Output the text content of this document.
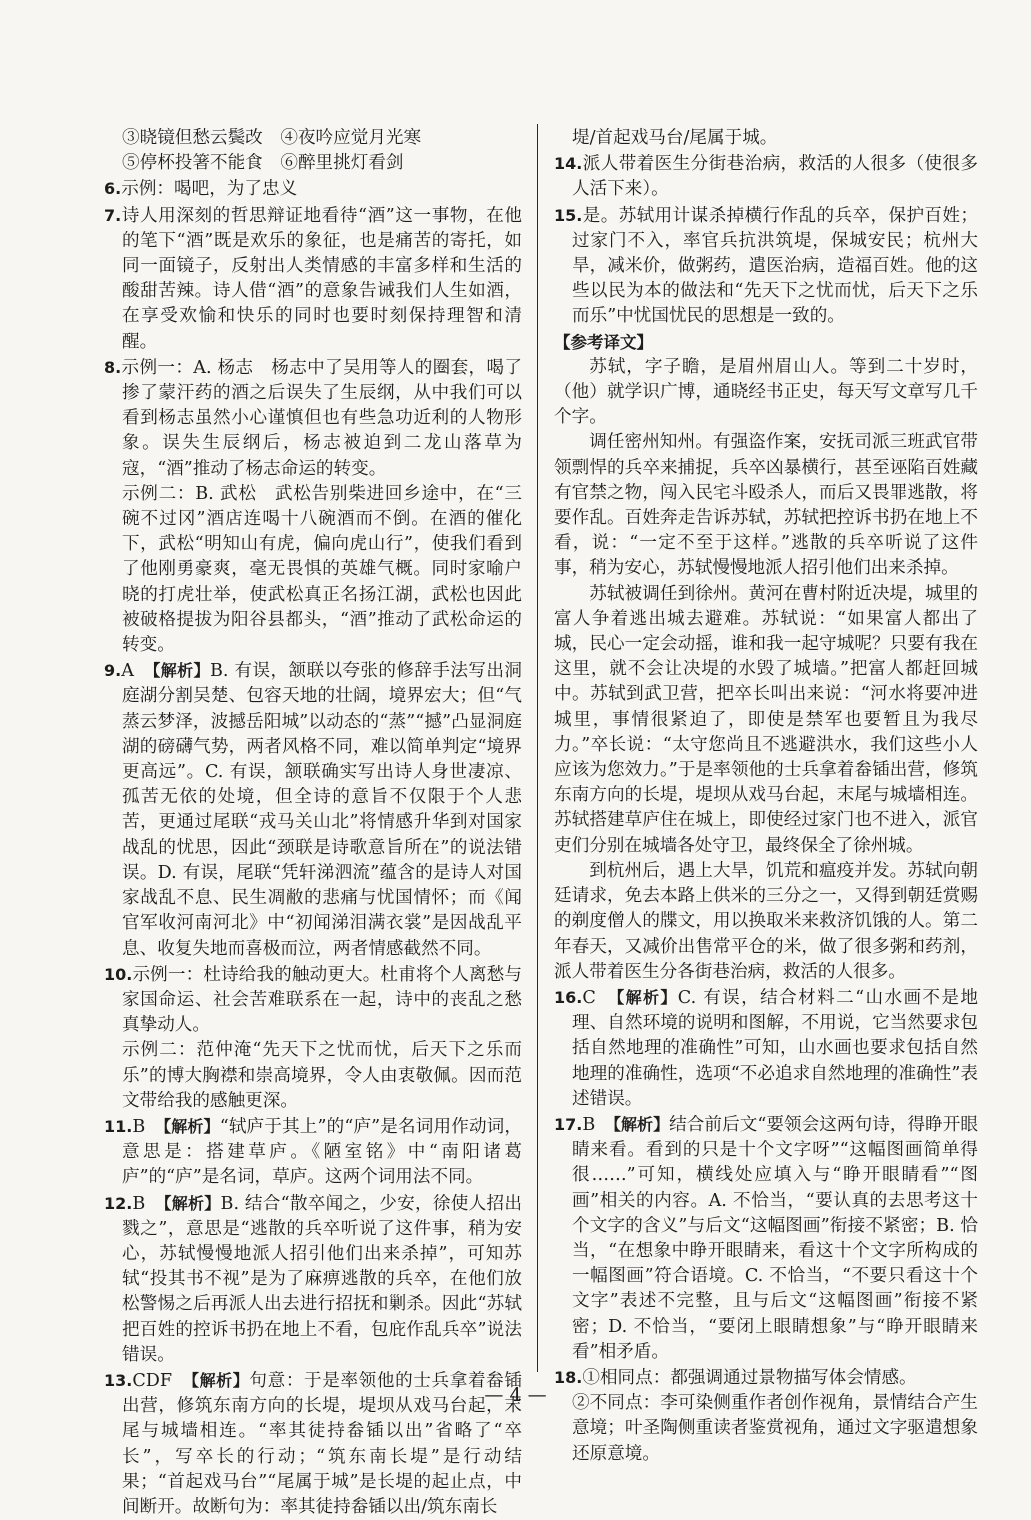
③晓镜但愁云鬓改　④夜吟应觉月光寒
⑤停杯投箸不能食　⑥醉里挑灯看剑

6.示例：喝吧，为了忠义

7.诗人用深刻的哲思辩证地看待“酒”这一事物，在他的笔下“酒”既是欢乐的象征，也是痛苦的寄托，如同一面镜子，反射出人类情感的丰富多样和生活的酸甜苦辣。诗人借“酒”的意象告诫我们人生如酒，在享受欢愉和快乐的同时也要时刻保持理智和清醒。

8.示例一：A. 杨志　杨志中了吴用等人的圈套，喝了掺了蒙汗药的酒之后误失了生辰纲，从中我们可以看到杨志虽然小心谨慎但也有些急功近利的人物形象。误失生辰纲后，杨志被迫到二龙山落草为寇，“酒”推动了杨志命运的转变。

示例二：B. 武松　武松告别柴进回乡途中，在“三碗不过冈”酒店连喝十八碗酒而不倒。在酒的催化下，武松“明知山有虎，偏向虎山行”，使我们看到了他刚勇豪爽，毫无畏惧的英雄气概。同时家喻户晓的打虎壮举，使武松真正名扬江湖，武松也因此被破格提拔为阳谷县都头，“酒”推动了武松命运的转变。

9.A　 【解析】B. 有误，颔联以夸张的修辞手法写出洞庭湖分割吴楚、包容天地的壮阔，境界宏大；但“气蒸云梦泽，波撼岳阳城”以动态的“蒸”“撼”凸显洞庭湖的磅礴气势，两者风格不同，难以简单判定“境界更高远”。C. 有误，颔联确实写出诗人身世凄凉、孤苦无依的处境，但全诗的意旨不仅限于个人悲苦，更通过尾联“戎马关山北”将情感升华到对国家战乱的忧思，因此“颈联是诗歌意旨所在”的说法错误。D. 有误，尾联“凭轩涕泗流”蕴含的是诗人对国家战乱不息、民生凋敝的悲痛与忧国情怀；而《闻官军收河南河北》中“初闻涕泪满衣裳”是因战乱平息、收复失地而喜极而泣，两者情感截然不同。

10.示例一：杜诗给我的触动更大。杜甫将个人离愁与家国命运、社会苦难联系在一起，诗中的丧乱之愁真挚动人。

示例二：范仲淹“先天下之忧而忧，后天下之乐而乐”的博大胸襟和崇高境界，令人由衷敬佩。因而范文带给我的感触更深。

11.B　 【解析】“轼庐于其上”的“庐”是名词用作动词，意思是：搭建草庐。《陋室铭》中“南阳诸葛庐”的“庐”是名词，草庐。这两个词用法不同。

12.B　 【解析】B. 结合“散卒闻之，少安，徐使人招出戮之”，意思是“逃散的兵卒听说了这件事，稍为安心，苏轼慢慢地派人招引他们出来杀掉”，可知苏轼“投其书不视”是为了麻痹逃散的兵卒，在他们放松警惕之后再派人出去进行招抚和剿杀。因此“苏轼把百姓的控诉书扔在地上不看，包庇作乱兵卒”说法错误。

13.CDF　 【解析】句意：于是率领他的士兵拿着畚锸出营，修筑东南方向的长堤，堤坝从戏马台起，末尾与城墙相连。“率其徒持畚锸以出”省略了“卒长”，写卒长的行动；“筑东南长堤”是行动结果；“首起戏马台”“尾属于城”是长堤的起止点，中间断开。故断句为：率其徒持畚锸以出/筑东南长

堤/首起戏马台/尾属于城。

14.派人带着医生分街巷治病，救活的人很多（使很多人活下来）。

15.是。苏轼用计谋杀掉横行作乱的兵卒，保护百姓；过家门不入，率官兵抗洪筑堤，保城安民；杭州大旱，减米价，做粥药，遣医治病，造福百姓。他的这些以民为本的做法和“先天下之忧而忧，后天下之乐而乐”中忧国忧民的思想是一致的。

【参考译文】

苏轼，字子瞻，是眉州眉山人。等到二十岁时，（他）就学识广博，通晓经书正史，每天写文章写几千个字。

调任密州知州。有强盗作案，安抚司派三班武官带领剽悍的兵卒来捕捉，兵卒凶暴横行，甚至诬陷百姓藏有官禁之物，闯入民宅斗殴杀人，而后又畏罪逃散，将要作乱。百姓奔走告诉苏轼，苏轼把控诉书扔在地上不看，说：“一定不至于这样。”逃散的兵卒听说了这件事，稍为安心，苏轼慢慢地派人招引他们出来杀掉。

苏轼被调任到徐州。黄河在曹村附近决堤，城里的富人争着逃出城去避难。苏轼说：“如果富人都出了城，民心一定会动摇，谁和我一起守城呢？只要有我在这里，就不会让决堤的水毁了城墙。”把富人都赶回城中。苏轼到武卫营，把卒长叫出来说：“河水将要冲进城里，事情很紧迫了，即使是禁军也要暂且为我尽力。”卒长说：“太守您尚且不逃避洪水，我们这些小人应该为您效力。”于是率领他的士兵拿着畚锸出营，修筑东南方向的长堤，堤坝从戏马台起，末尾与城墙相连。苏轼搭建草庐住在城上，即使经过家门也不进入，派官吏们分别在城墙各处守卫，最终保全了徐州城。

到杭州后，遇上大旱，饥荒和瘟疫并发。苏轼向朝廷请求，免去本路上供米的三分之一，又得到朝廷赏赐的剃度僧人的牒文，用以换取米来救济饥饿的人。第二年春天，又减价出售常平仓的米，做了很多粥和药剂，派人带着医生分各街巷治病，救活的人很多。

16.C　 【解析】C. 有误，结合材料二“山水画不是地理、自然环境的说明和图解，不用说，它当然要求包括自然地理的准确性”可知，山水画也要求包括自然地理的准确性，选项“不必追求自然地理的准确性”表述错误。

17.B　 【解析】结合前后文“要领会这两句诗，得睁开眼睛来看。看到的只是十个文字呀”“这幅图画简单得很……”可知，横线处应填入与“睁开眼睛看”“图画”相关的内容。A. 不恰当，“要认真的去思考这十个文字的含义”与后文“这幅图画”衔接不紧密；B. 恰当，“在想象中睁开眼睛来，看这十个文字所构成的一幅图画”符合语境。C. 不恰当，“不要只看这十个文字”表述不完整，且与后文“这幅图画”衔接不紧密；D. 不恰当，“要闭上眼睛想象”与“睁开眼睛来看”相矛盾。

18.①相同点：都强调通过景物描写体会情感。

②不同点：李可染侧重作者创作视角，景情结合产生意境；叶圣陶侧重读者鉴赏视角，通过文字驱遣想象还原意境。

— 4 —
